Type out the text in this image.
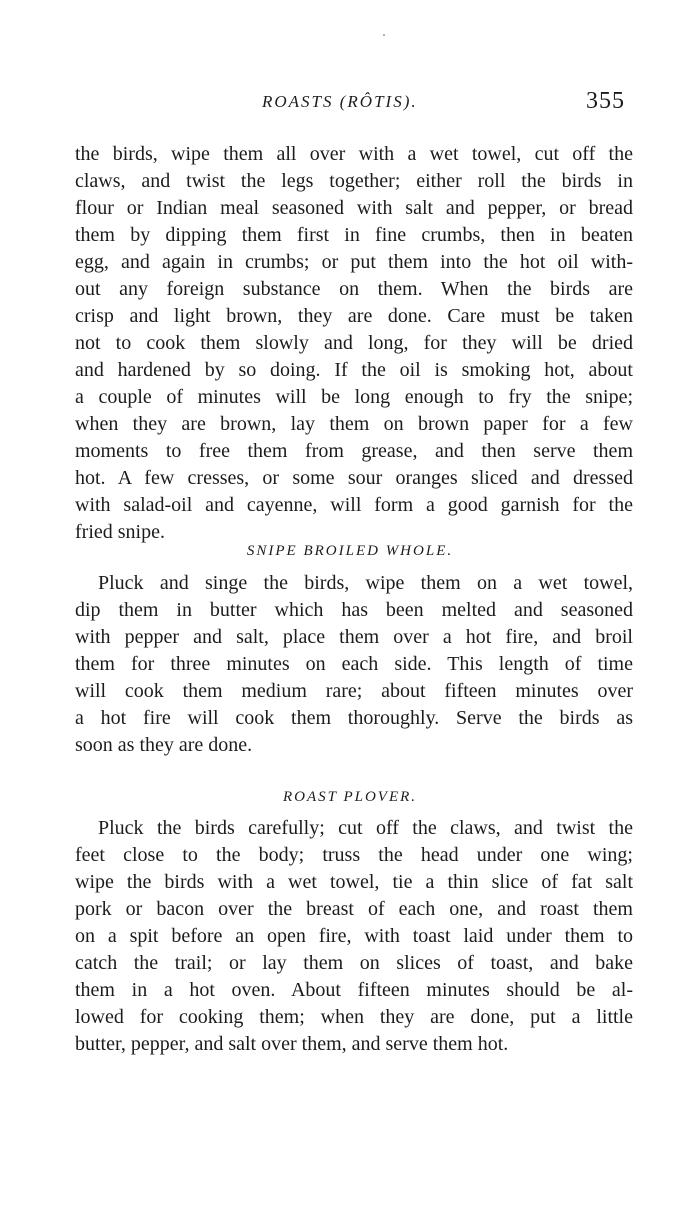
ROASTS (RÔTIS).	355
the birds, wipe them all over with a wet towel, cut off the
claws, and twist the legs together; either roll the birds in
flour or Indian meal seasoned with salt and pepper, or bread
them by dipping them first in fine crumbs, then in beaten
egg, and again in crumbs; or put them into the hot oil with-
out any foreign substance on them. When the birds are
crisp and light brown, they are done. Care must be taken
not to cook them slowly and long, for they will be dried
and hardened by so doing. If the oil is smoking hot, about
a couple of minutes will be long enough to fry the snipe;
when they are brown, lay them on brown paper for a few
moments to free them from grease, and then serve them
hot. A few cresses, or some sour oranges sliced and dressed
with salad-oil and cayenne, will form a good garnish for the
fried snipe.
SNIPE BROILED WHOLE.
Pluck and singe the birds, wipe them on a wet towel,
dip them in butter which has been melted and seasoned
with pepper and salt, place them over a hot fire, and broil
them for three minutes on each side. This length of time
will cook them medium rare; about fifteen minutes over
a hot fire will cook them thoroughly. Serve the birds as
soon as they are done.
ROAST PLOVER.
Pluck the birds carefully; cut off the claws, and twist the
feet close to the body; truss the head under one wing;
wipe the birds with a wet towel, tie a thin slice of fat salt
pork or bacon over the breast of each one, and roast them
on a spit before an open fire, with toast laid under them to
catch the trail; or lay them on slices of toast, and bake
them in a hot oven. About fifteen minutes should be al-
lowed for cooking them; when they are done, put a little
butter, pepper, and salt over them, and serve them hot.
